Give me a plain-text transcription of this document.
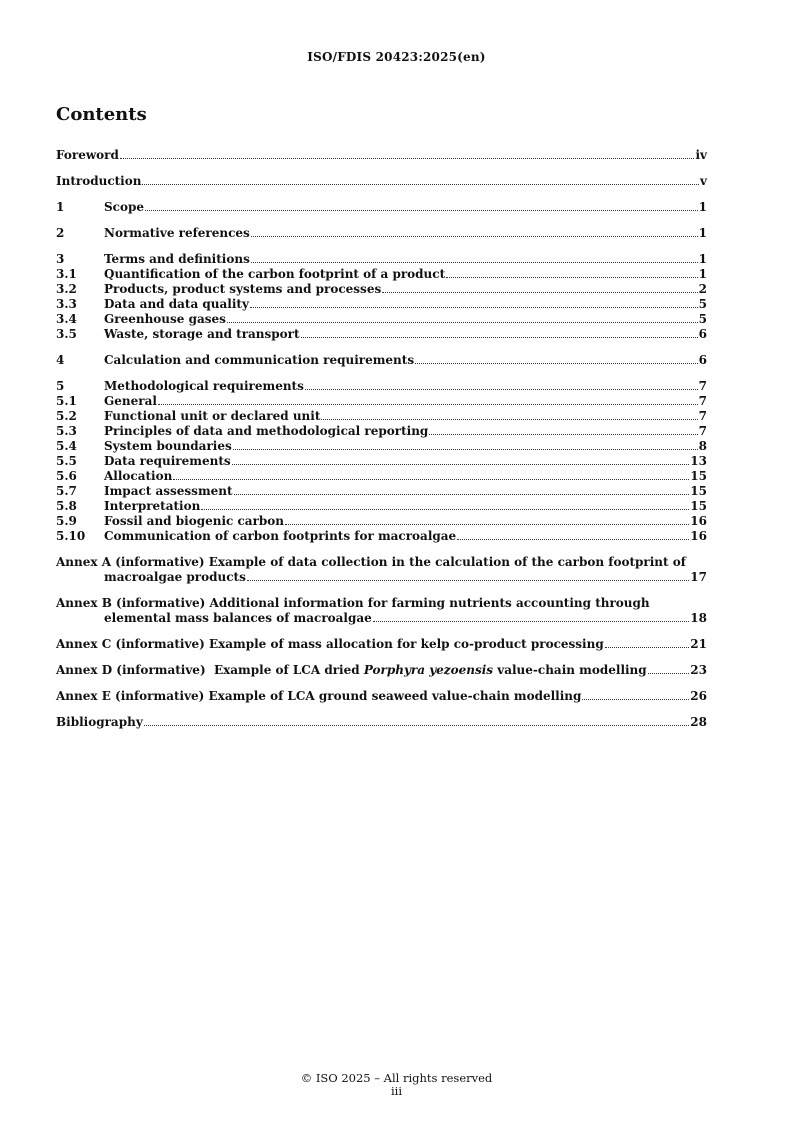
ISO/FDIS 20423:2025(en)
Contents
Foreword	iv
Introduction	v
1	Scope	1
2	Normative references	1
3	Terms and definitions	1
3.1	Quantification of the carbon footprint of a product	1
3.2	Products, product systems and processes	2
3.3	Data and data quality	5
3.4	Greenhouse gases	5
3.5	Waste, storage and transport	6
4	Calculation and communication requirements	6
5	Methodological requirements	7
5.1	General	7
5.2	Functional unit or declared unit	7
5.3	Principles of data and methodological reporting	7
5.4	System boundaries	8
5.5	Data requirements	13
5.6	Allocation	15
5.7	Impact assessment	15
5.8	Interpretation	15
5.9	Fossil and biogenic carbon	16
5.10	Communication of carbon footprints for macroalgae	16
Annex A (informative) Example of data collection in the calculation of the carbon footprint of
macroalgae products	17
Annex B (informative) Additional information for farming nutrients accounting through
elemental mass balances of macroalgae	18
Annex C (informative) Example of mass allocation for kelp co-product processing	21
Annex D (informative)  Example of LCA dried Porphyra yezoensis value-chain modelling	23
Annex E (informative) Example of LCA ground seaweed value-chain modelling	26
Bibliography	28
© ISO 2025 – All rights reserved
iii
